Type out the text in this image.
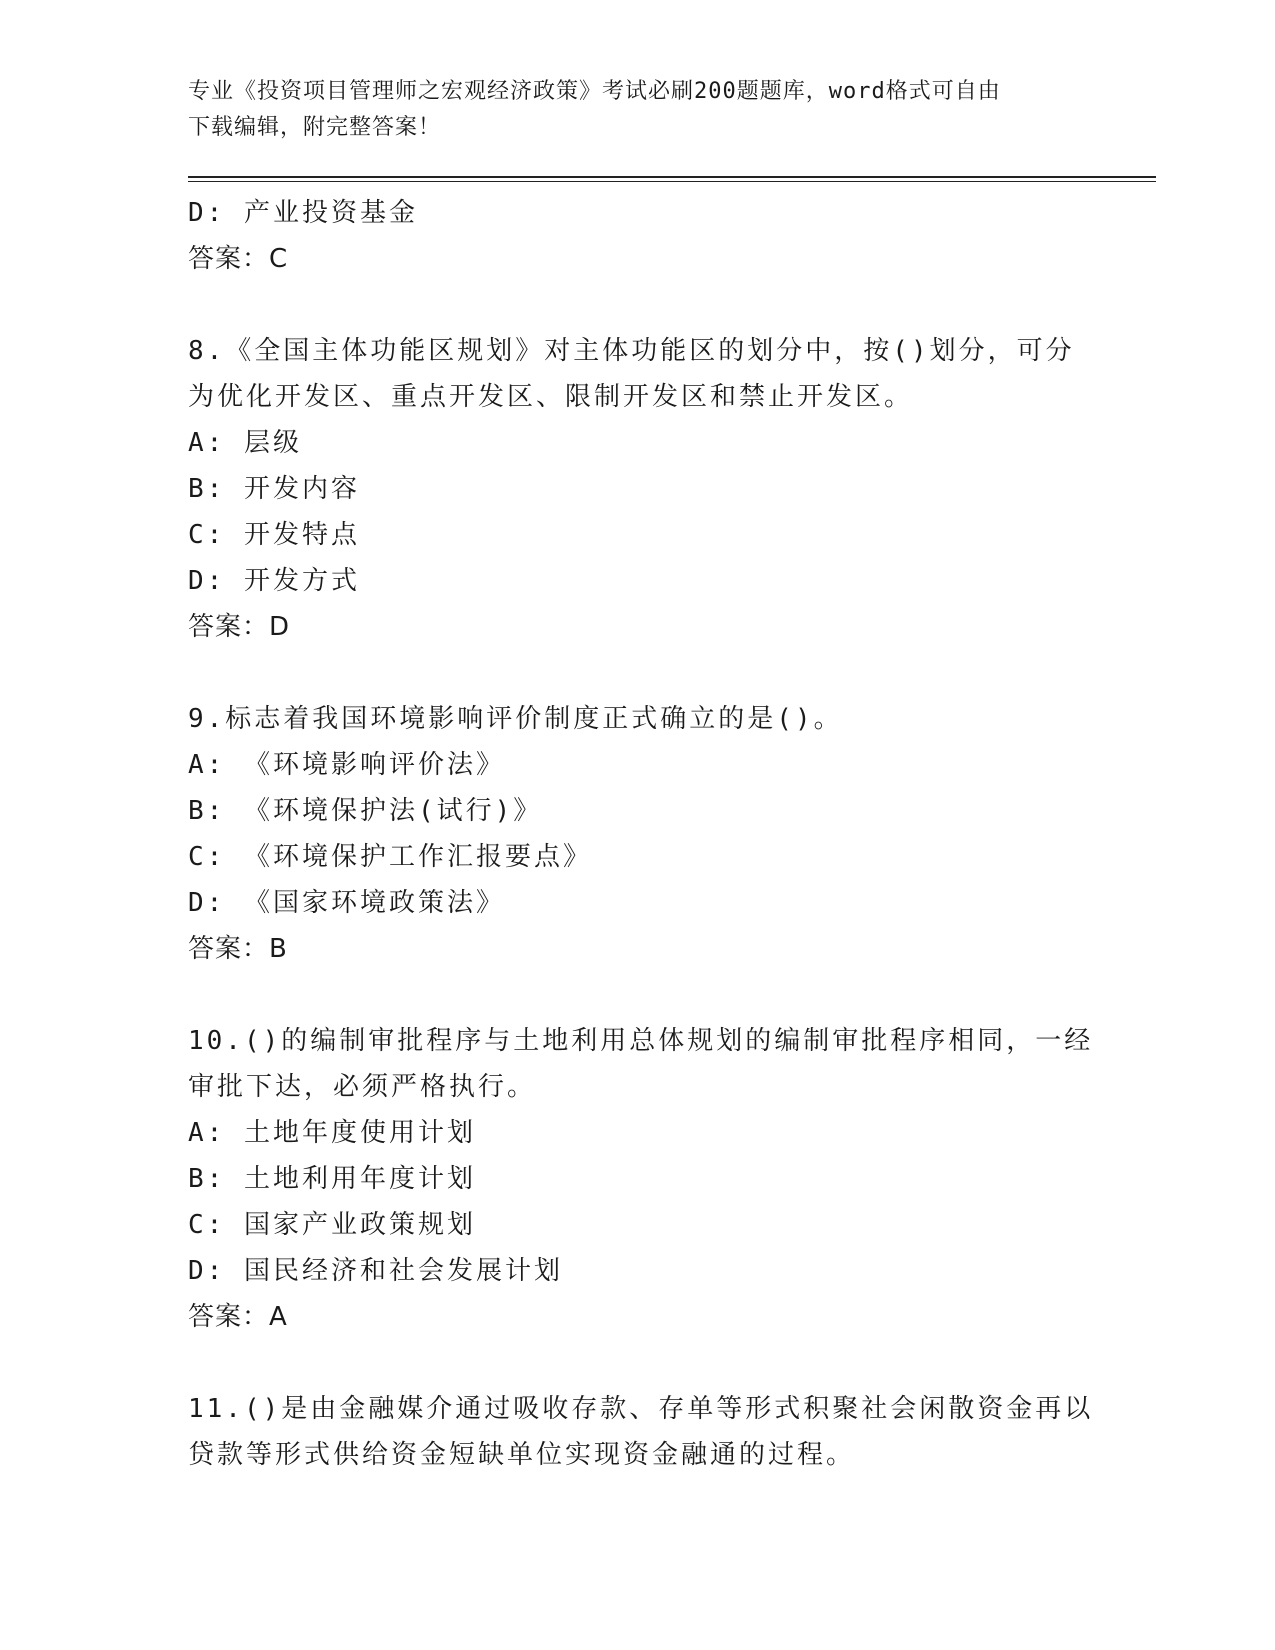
专业《投资项目管理师之宏观经济政策》考试必刷200题题库，word格式可自由
下载编辑，附完整答案！
D: 产业投资基金
答案：C
8.《全国主体功能区规划》对主体功能区的划分中，按()划分，可分
为优化开发区、重点开发区、限制开发区和禁止开发区。
A: 层级
B: 开发内容
C: 开发特点
D: 开发方式
答案：D
9.标志着我国环境影响评价制度正式确立的是()。
A: 《环境影响评价法》
B: 《环境保护法(试行)》
C: 《环境保护工作汇报要点》
D: 《国家环境政策法》
答案：B
10.()的编制审批程序与土地利用总体规划的编制审批程序相同，一经
审批下达，必须严格执行。
A: 土地年度使用计划
B: 土地利用年度计划
C: 国家产业政策规划
D: 国民经济和社会发展计划
答案：A
11.()是由金融媒介通过吸收存款、存单等形式积聚社会闲散资金再以
贷款等形式供给资金短缺单位实现资金融通的过程。
